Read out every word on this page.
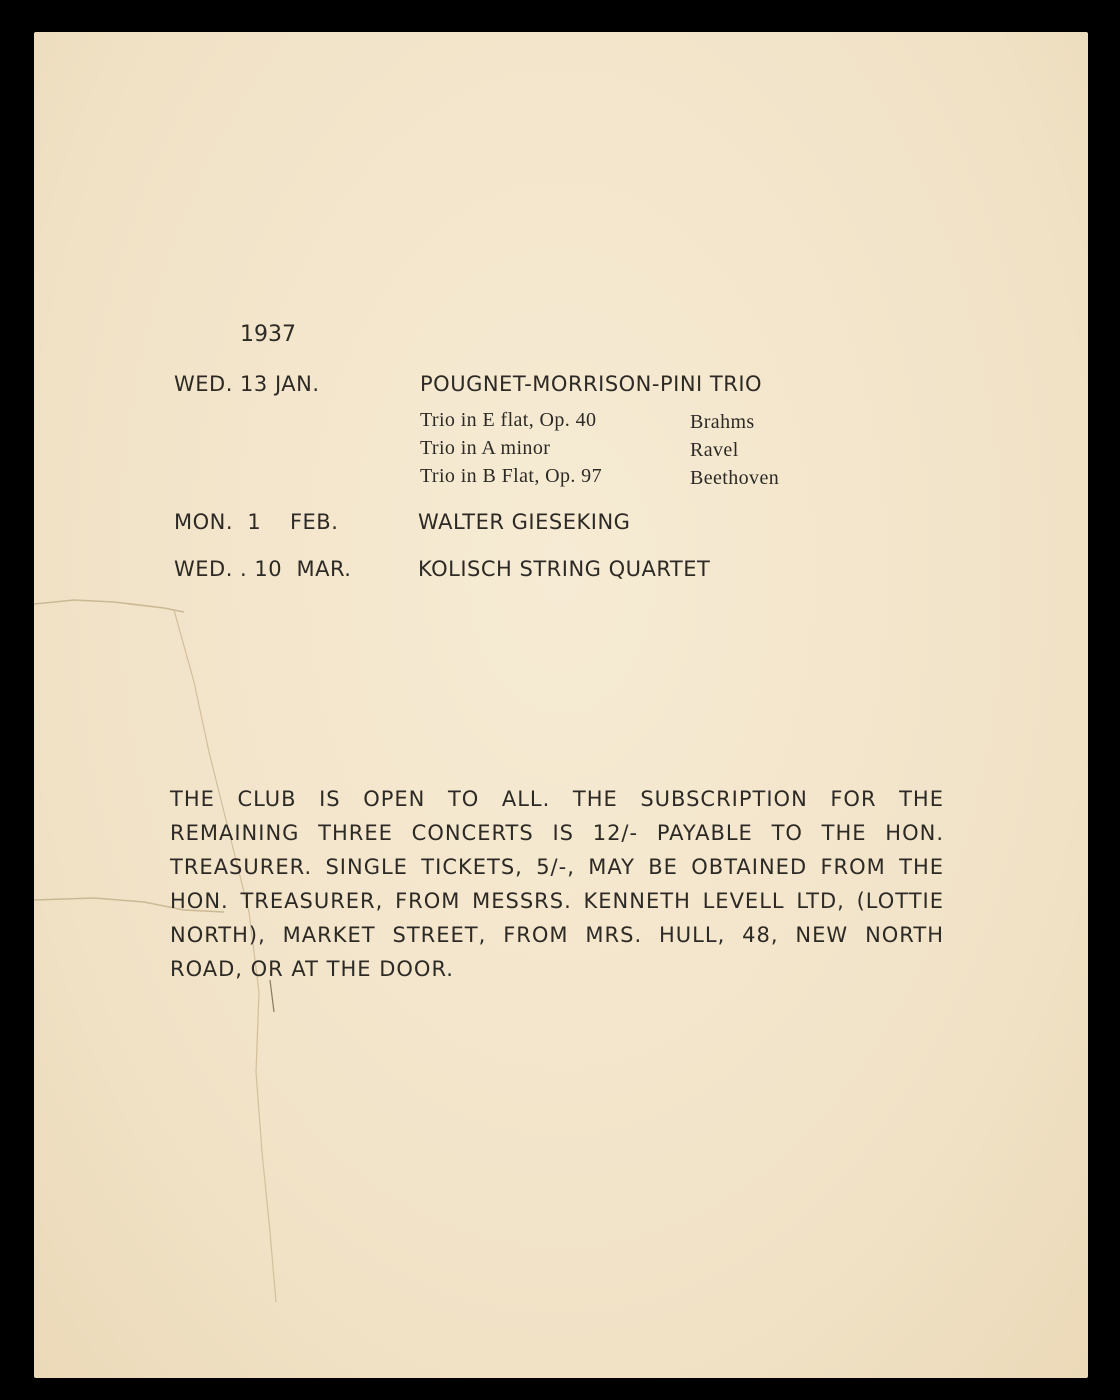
1937
WED. 13 JAN.	POUGNET-MORRISON-PINI TRIO
Trio in E flat, Op. 40	Brahms
Trio in A minor	Ravel
Trio in B Flat, Op. 97	Beethoven
MON.  1    FEB.	WALTER GIESEKING
WED. . 10  MAR.	KOLISCH STRING QUARTET
THE CLUB IS OPEN TO ALL. THE SUBSCRIPTION FOR THE REMAINING THREE CONCERTS IS 12/- PAYABLE TO THE HON. TREASURER. SINGLE TICKETS, 5/-, MAY BE OBTAINED FROM THE HON. TREASURER, FROM MESSRS. KENNETH LEVELL LTD, (LOTTIE NORTH), MARKET STREET, FROM MRS. HULL, 48, NEW NORTH ROAD, OR AT THE DOOR.
